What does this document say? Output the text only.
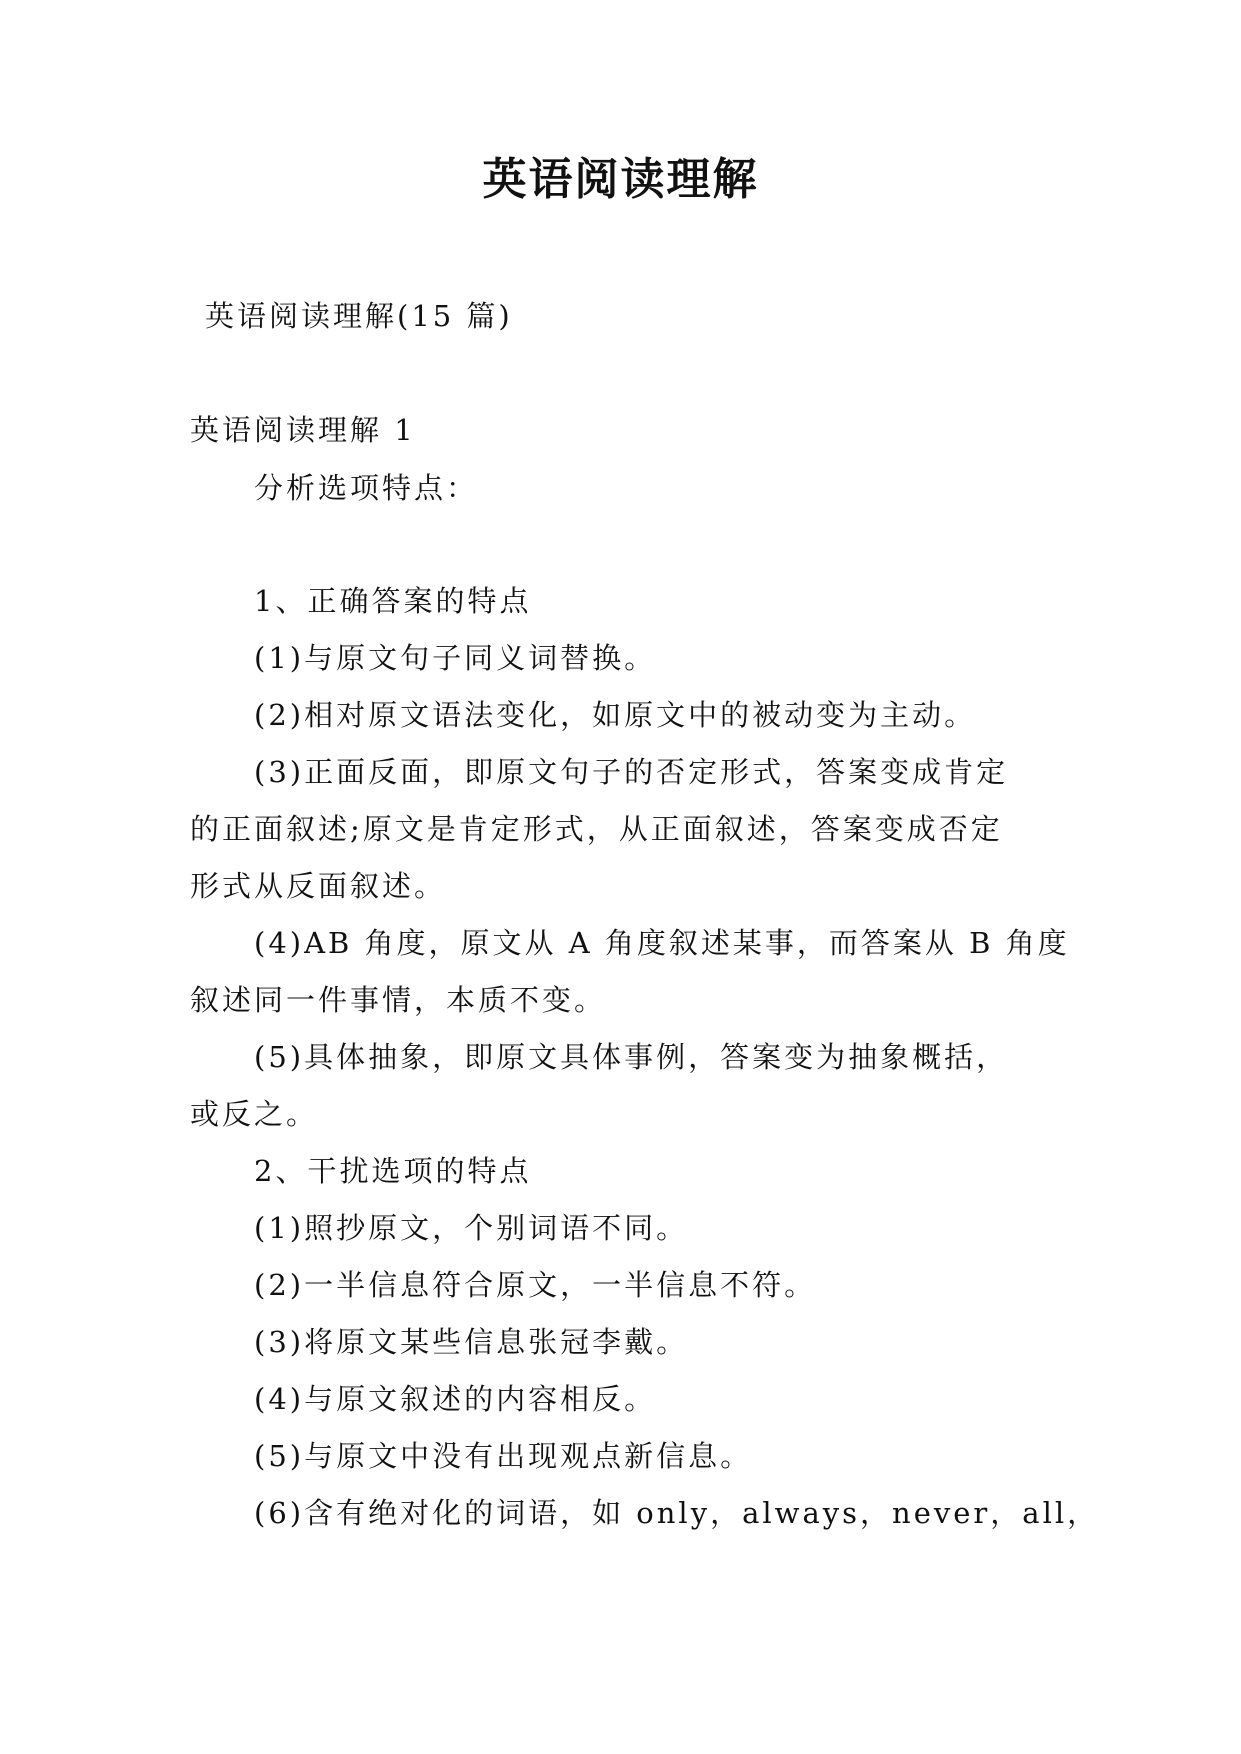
英语阅读理解
英语阅读理解(15 篇)
英语阅读理解 1
分析选项特点：
1、正确答案的特点
(1)与原文句子同义词替换。
(2)相对原文语法变化，如原文中的被动变为主动。
(3)正面反面，即原文句子的否定形式，答案变成肯定
的正面叙述;原文是肯定形式，从正面叙述，答案变成否定
形式从反面叙述。
(4)AB 角度，原文从 A 角度叙述某事，而答案从 B 角度
叙述同一件事情，本质不变。
(5)具体抽象，即原文具体事例，答案变为抽象概括，
或反之。
2、干扰选项的特点
(1)照抄原文，个别词语不同。
(2)一半信息符合原文，一半信息不符。
(3)将原文某些信息张冠李戴。
(4)与原文叙述的内容相反。
(5)与原文中没有出现观点新信息。
(6)含有绝对化的词语，如 only，always，never，all，
